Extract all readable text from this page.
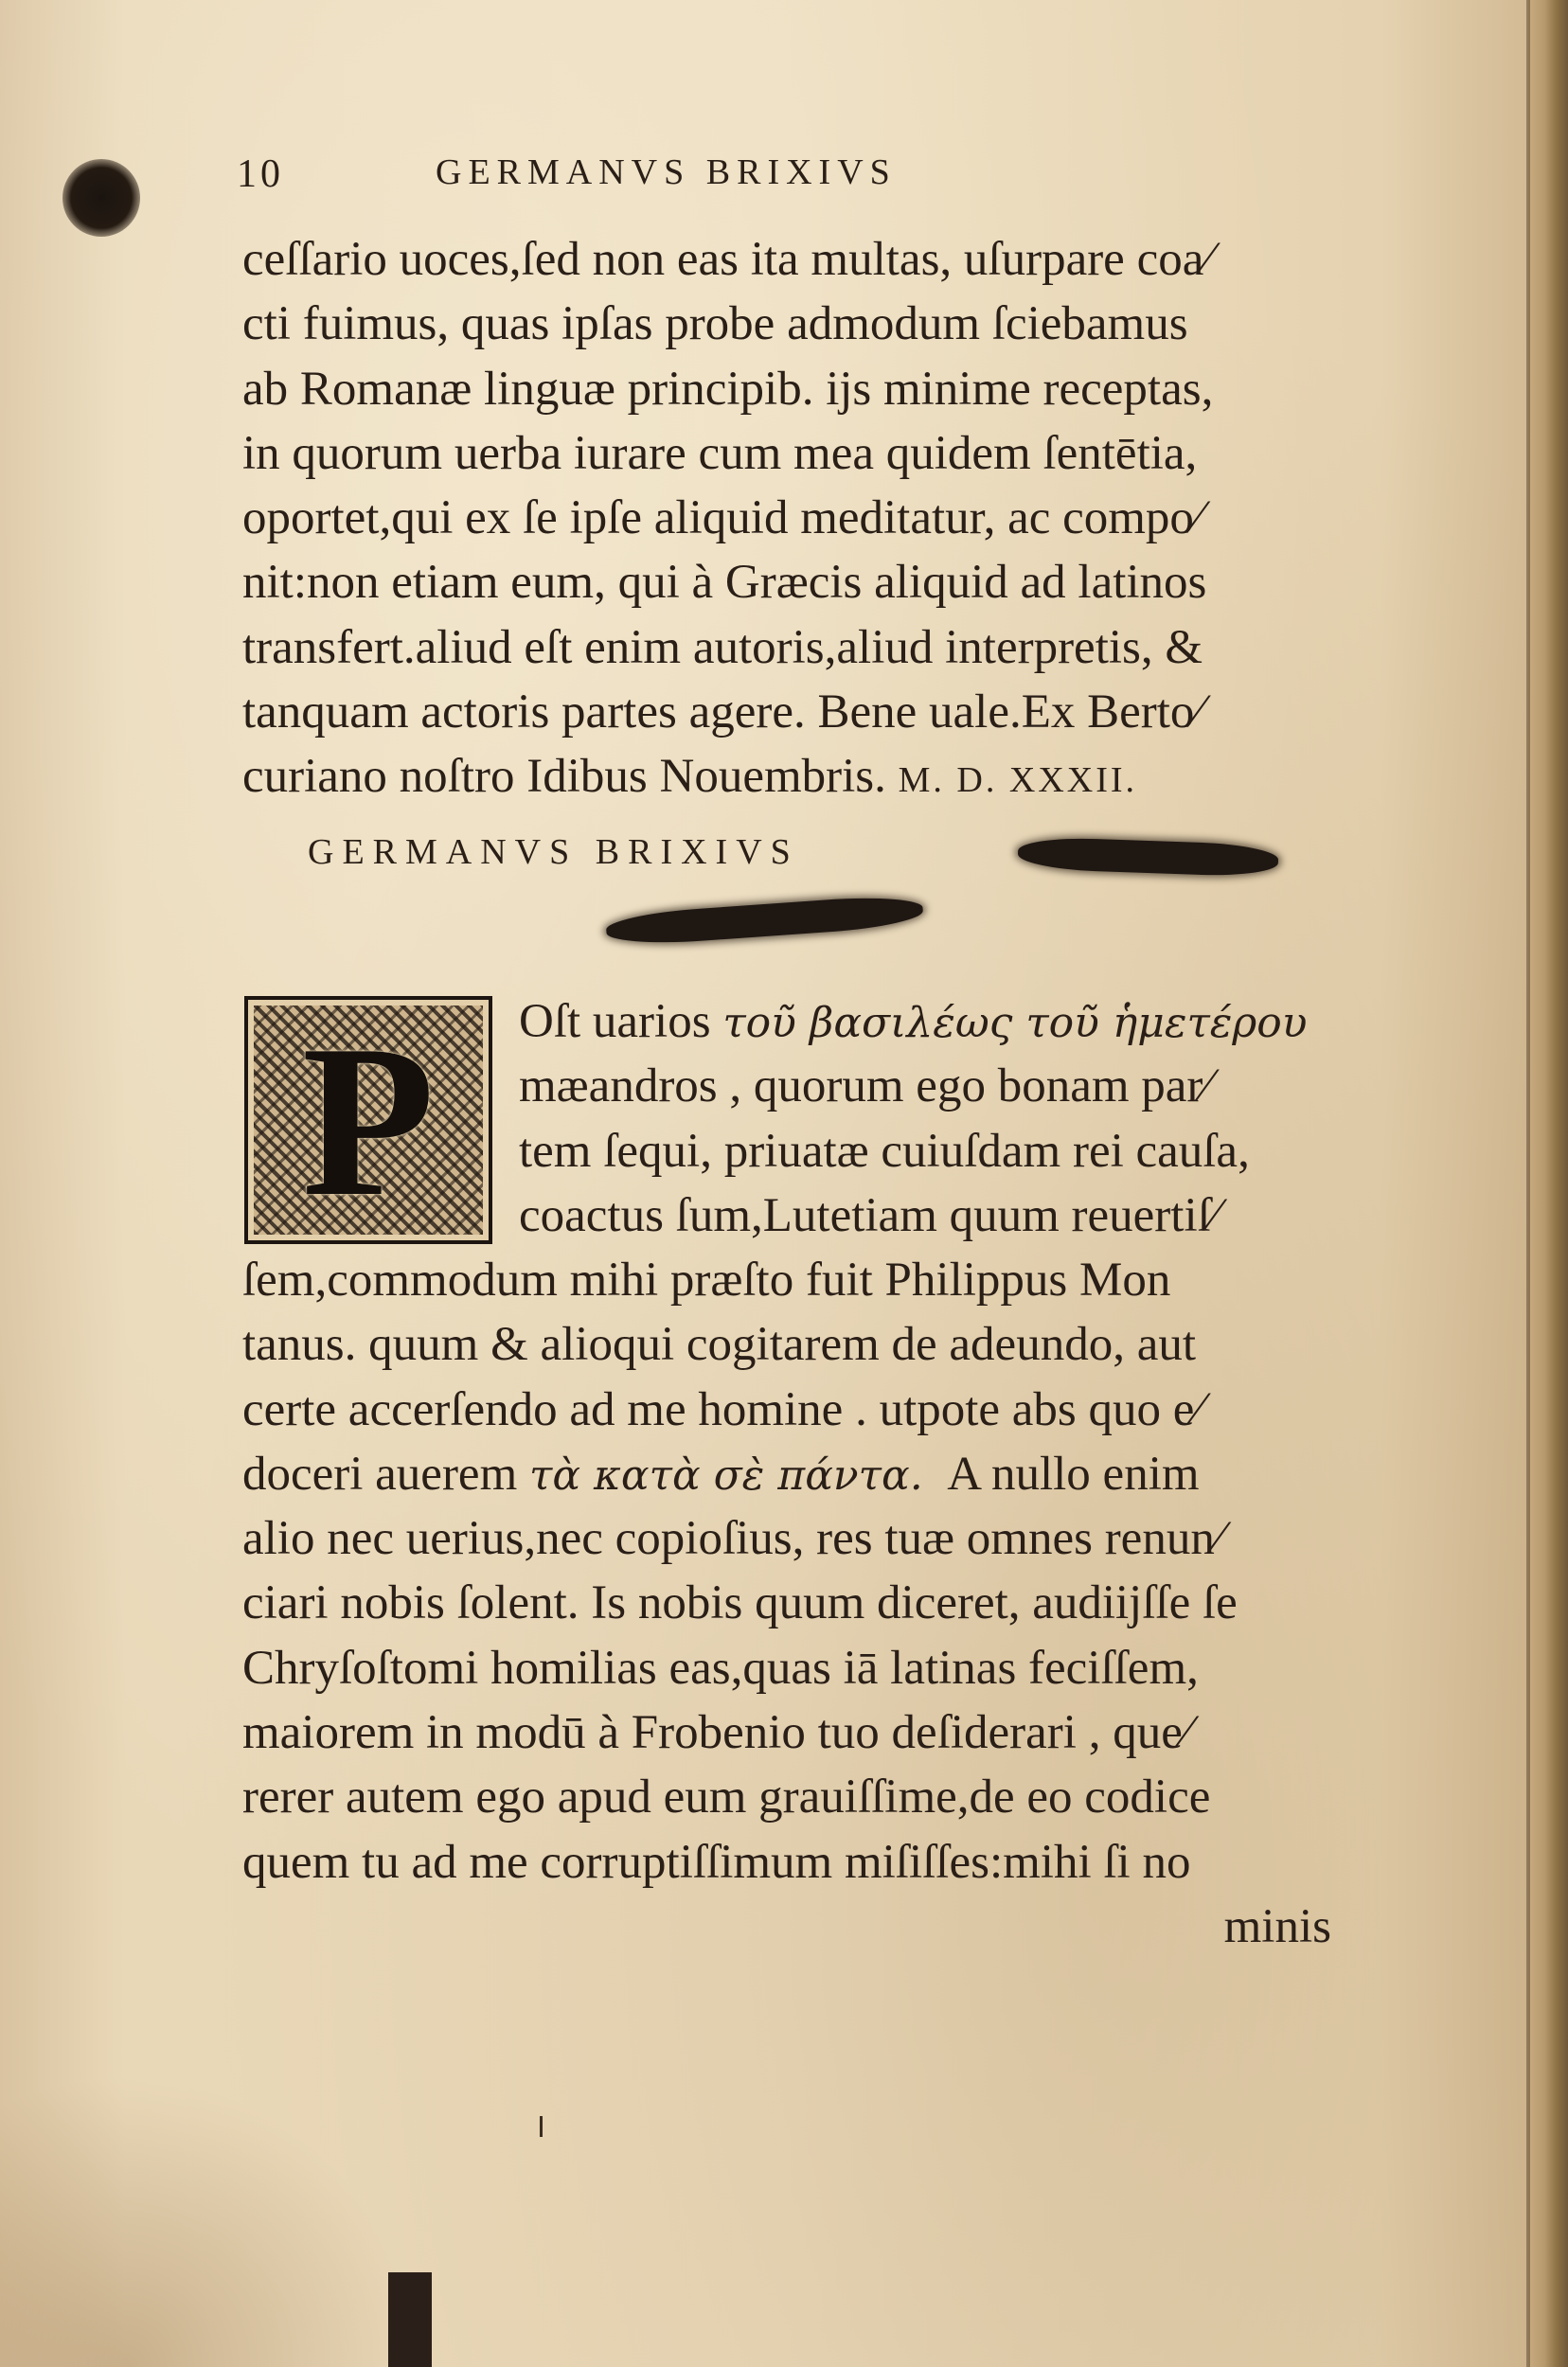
10	GERMANVS BRIXIVS
ceſſario uoces,ſed non eas ita multas, uſurpare coa⁄
cti fuimus, quas ipſas probe admodum ſciebamus
ab Romanæ linguæ principib. ĳs minime receptas,
in quorum uerba iurare cum mea quidem ſentētia,
oportet,qui ex ſe ipſe aliquid meditatur, ac compo⁄
nit:non etiam eum, qui à Græcis aliquid ad latinos
transfert.aliud eſt enim autoris,aliud interpretis, &
tanquam actoris partes agere. Bene uale.Ex Berto⁄
curiano noſtro Idibus Nouembris. M. D. XXXII.
GERMANVS BRIXIVS
P	Oſt uarios τοῦ βασιλέως τοῦ ἡμετέρου
mæandros , quorum ego bonam par⁄
tem ſequi, priuatæ cuiuſdam rei cauſa,
coactus ſum,Lutetiam quum reuertiſ⁄
ſem,commodum mihi præſto fuit Philippus Mon
tanus. quum & alioqui cogitarem de adeundo, aut
certe accerſendo ad me homine . utpote abs quo e⁄
doceri auerem τὰ κατὰ σὲ πάντα.  A nullo enim
alio nec uerius,nec copioſius, res tuæ omnes renun⁄
ciari nobis ſolent. Is nobis quum diceret, audiĳſſe ſe
Chryſoſtomi homilias eas,quas iā latinas feciſſem,
maiorem in modū à Frobenio tuo deſiderari , que⁄
rerer autem ego apud eum grauiſſime,de eo codice
quem tu ad me corruptiſſimum miſiſſes:mihi ſi no
minis
